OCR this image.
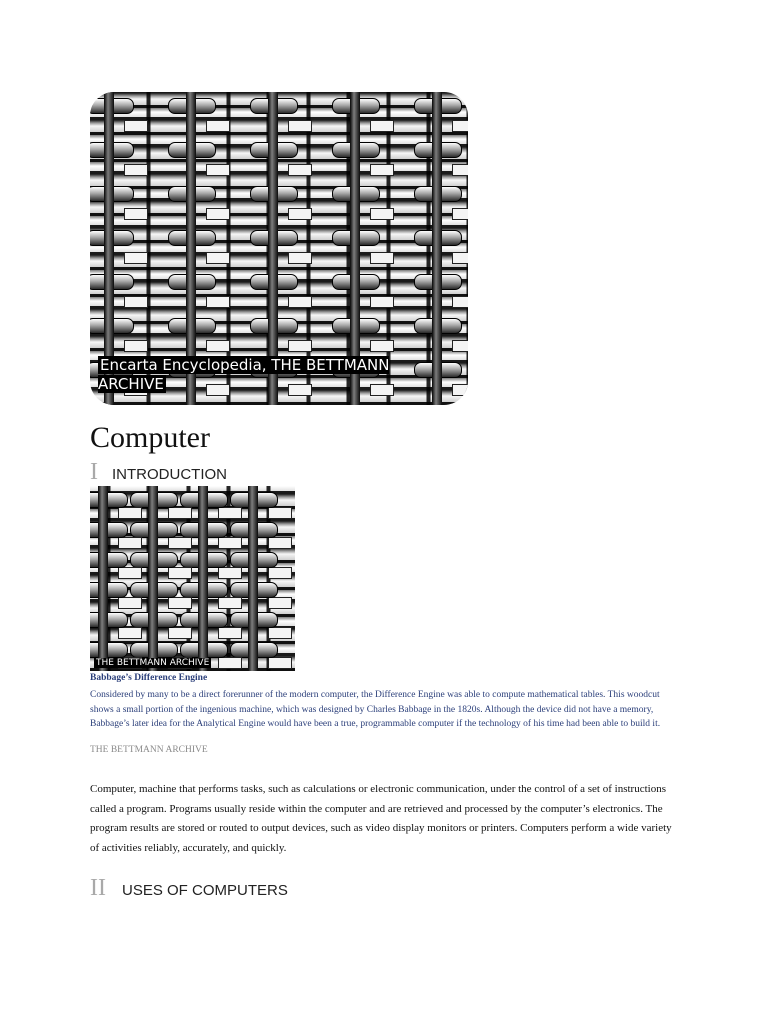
Encarta Encyclopedia, THE BETTMANN ARCHIVE
Computer
I INTRODUCTION
THE BETTMANN ARCHIVE
Babbage’s Difference Engine

Considered by many to be a direct forerunner of the modern computer, the Difference Engine was able to compute mathematical tables. This woodcut shows a small portion of the ingenious machine, which was designed by Charles Babbage in the 1820s. Although the device did not have a memory, Babbage’s later idea for the Analytical Engine would have been a true, programmable computer if the technology of his time had been able to build it.

THE BETTMANN ARCHIVE

Computer, machine that performs tasks, such as calculations or electronic communication, under the control of a set of instructions called a program. Programs usually reside within the computer and are retrieved and processed by the computer’s electronics. The program results are stored or routed to output devices, such as video display monitors or printers. Computers perform a wide variety of activities reliably, accurately, and quickly.

II USES OF COMPUTERS
